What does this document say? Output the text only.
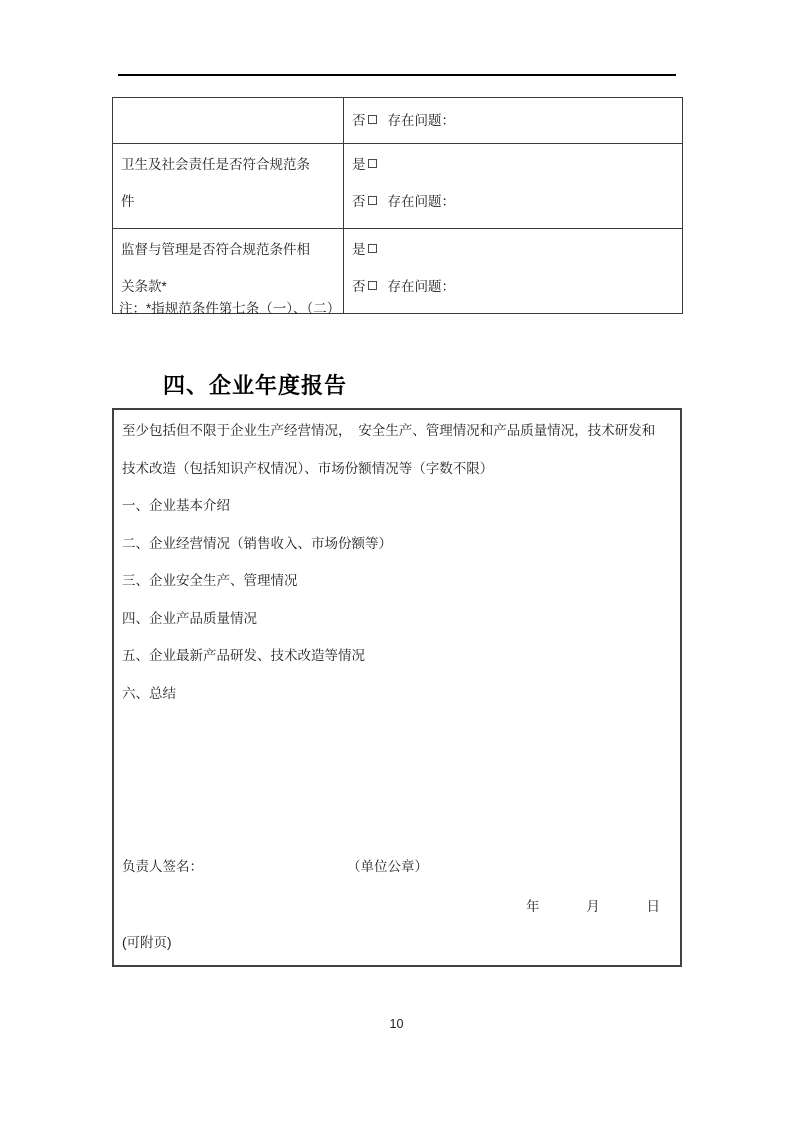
	否 存在问题：

卫生及社会责任是否符合规范条件	是
否 存在问题：

监督与管理是否符合规范条件相关条款*	是
否 存在问题：
注：*指规范条件第七条（一）、（二）
四、企业年度报告
至少包括但不限于企业生产经营情况，　安全生产、管理情况和产品质量情况，技术研发和
技术改造（包括知识产权情况）、市场份额情况等（字数不限）
一、企业基本介绍
二、企业经营情况（销售收入、市场份额等）
三、企业安全生产、管理情况
四、企业产品质量情况
五、企业最新产品研发、技术改造等情况
六、总结
负责人签名：	（单位公章）
年	月	日
(可附页)
10
